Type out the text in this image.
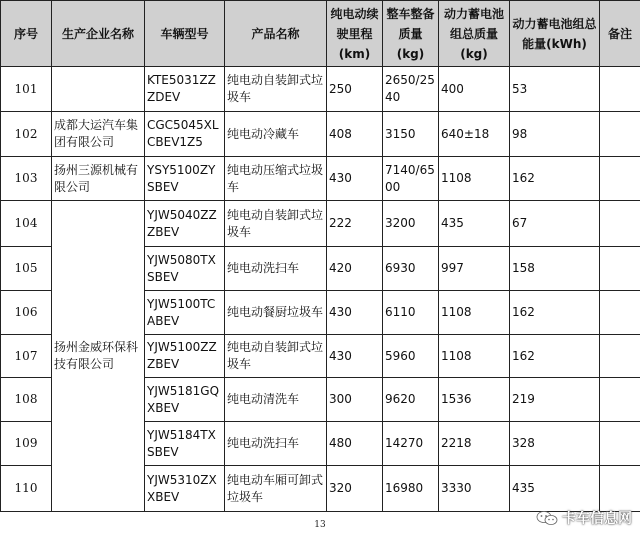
序号	生产企业名称	车辆型号	产品名称	纯电动续驶里程(km)	整车整备质量(kg)	动力蓄电池组总质量(kg)	动力蓄电池组总能量(kWh)	备注
101		KTE5031ZZZDEV	纯电动自装卸式垃圾车	250	2650/2540	400	53	
102	成都大运汽车集团有限公司	CGC5045XLCBEV1Z5	纯电动冷藏车	408	3150	640±18	98	
103	扬州三源机械有限公司	YSY5100ZYSBEV	纯电动压缩式垃圾车	430	7140/6500	1108	162	
104	扬州金威环保科技有限公司	YJW5040ZZZBEV	纯电动自装卸式垃圾车	222	3200	435	67	
105		YJW5080TXSBEV	纯电动洗扫车	420	6930	997	158	
106		YJW5100TCABEV	纯电动餐厨垃圾车	430	6110	1108	162	
107		YJW5100ZZZBEV	纯电动自装卸式垃圾车	430	5960	1108	162	
108		YJW5181GQXBEV	纯电动清洗车	300	9620	1536	219	
109		YJW5184TXSBEV	纯电动洗扫车	480	14270	2218	328	
110		YJW5310ZXXBEV	纯电动车厢可卸式垃圾车	320	16980	3330	435	
13	卡车信息网
